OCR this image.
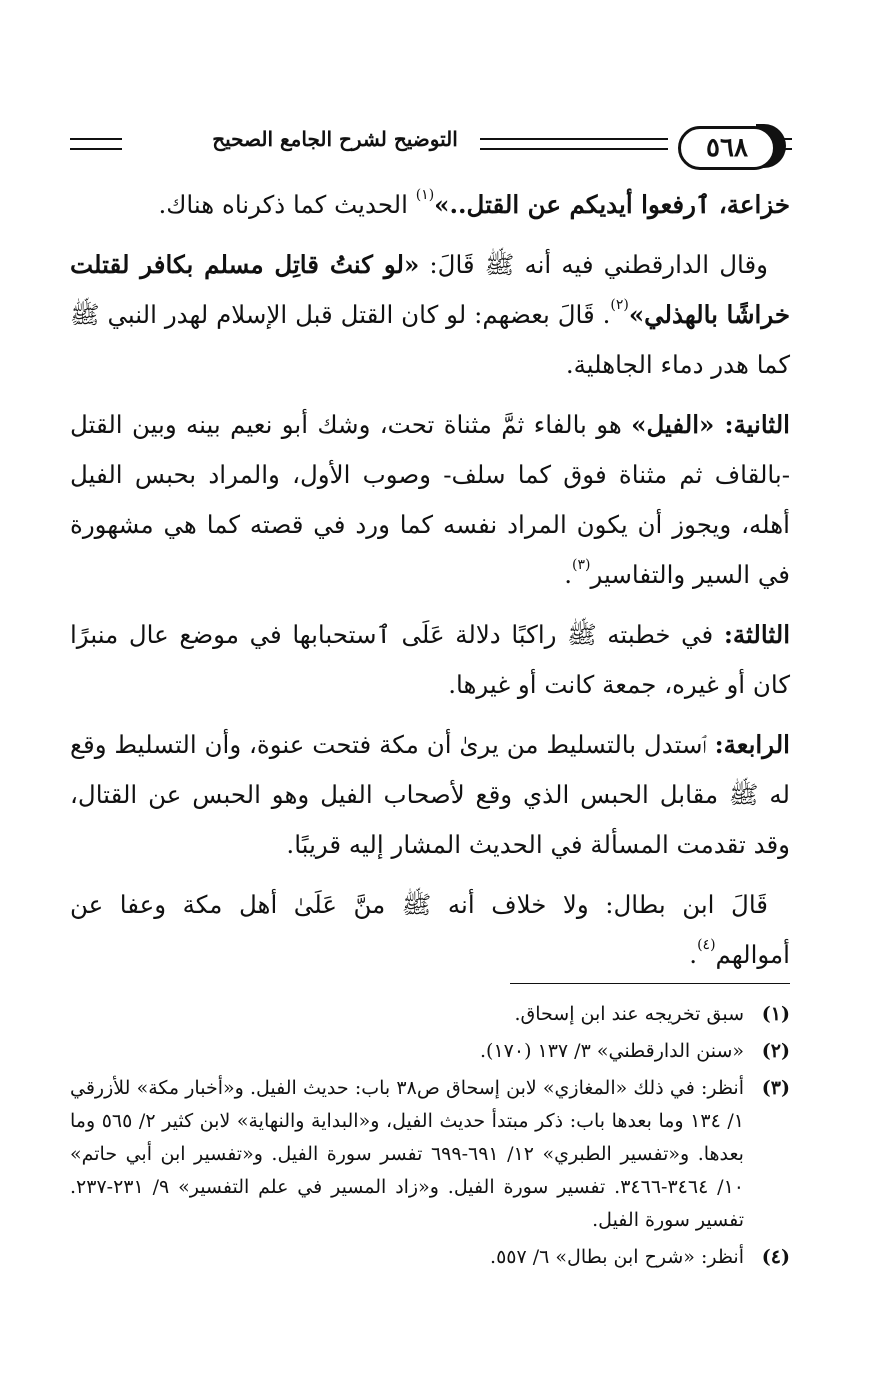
٥٦٨
التوضيح لشرح الجامع الصحيح

خزاعة، ٱرفعوا أيديكم عن القتل..»$^{(١)}$ الحديث كما ذكرناه هناك.

وقال الدارقطني فيه أنه ﷺ قَالَ: «لو كنتُ قاتِل مسلم بكافر لقتلت خراشًا بالهذلي»$^{(٢)}$. قَالَ بعضهم: لو كان القتل قبل الإسلام لهدر النبي ﷺ كما هدر دماء الجاهلية.

الثانية: «الفيل» هو بالفاء ثمَّ مثناة تحت، وشك أبو نعيم بينه وبين القتل -بالقاف ثم مثناة فوق كما سلف- وصوب الأول، والمراد بحبس الفيل أهله، ويجوز أن يكون المراد نفسه كما ورد في قصته كما هي مشهورة في السير والتفاسير$^{(٣)}$.

الثالثة: في خطبته ﷺ راكبًا دلالة عَلَى ٱستحبابها في موضع عال منبرًا كان أو غيره، جمعة كانت أو غيرها.

الرابعة: ٱستدل بالتسليط من يرىٰ أن مكة فتحت عنوة، وأن التسليط وقع له ﷺ مقابل الحبس الذي وقع لأصحاب الفيل وهو الحبس عن القتال، وقد تقدمت المسألة في الحديث المشار إليه قريبًا.

قَالَ ابن بطال: ولا خلاف أنه ﷺ منَّ عَلَىٰ أهل مكة وعفا عن أموالهم$^{(٤)}$.

(١)
سبق تخريجه عند ابن إسحاق.
(٢)
«سنن الدارقطني» ٣/ ١٣٧ (١٧٠).
(٣)
أنظر: في ذلك «المغازي» لابن إسحاق ص٣٨ باب: حديث الفيل. و«أخبار مكة» للأزرقي ١/ ١٣٤ وما بعدها باب: ذكر مبتدأ حديث الفيل، و«البداية والنهاية» لابن كثير ٢/ ٥٦٥ وما بعدها. و«تفسير الطبري» ١٢/ ٦٩١-٦٩٩ تفسر سورة الفيل. و«تفسير ابن أبي حاتم» ١٠/ ٣٤٦٤-٣٤٦٦. تفسير سورة الفيل. و«زاد المسير في علم التفسير» ٩/ ٢٣١-٢٣٧. تفسير سورة الفيل.
(٤)
أنظر: «شرح ابن بطال» ٦/ ٥٥٧.
